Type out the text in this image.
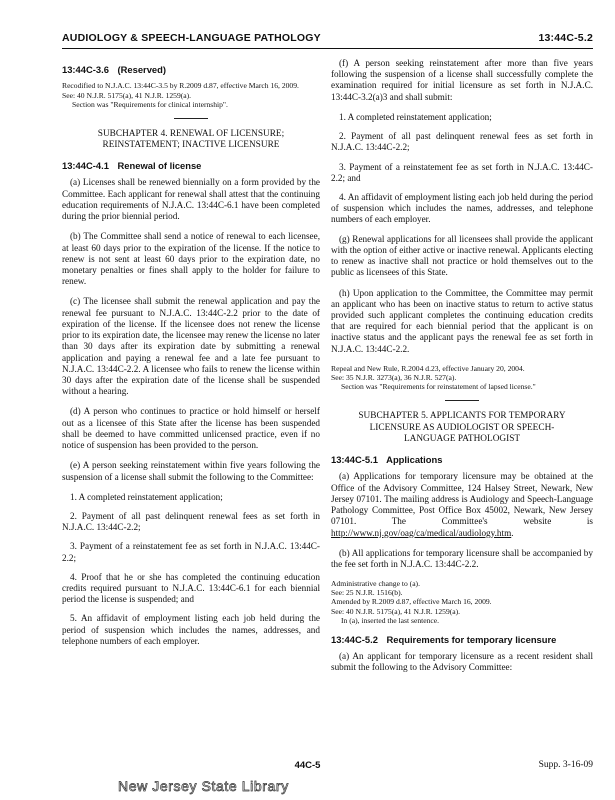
AUDIOLOGY & SPEECH-LANGUAGE PATHOLOGY	13:44C-5.2
13:44C-3.6 (Reserved)

Recodified to N.J.A.C. 13:44C-3.5 by R.2009 d.87, effective March 16, 2009.

See: 40 N.J.R. 5175(a), 41 N.J.R. 1259(a).

Section was "Requirements for clinical internship".

SUBCHAPTER 4. RENEWAL OF LICENSURE;
REINSTATEMENT; INACTIVE LICENSURE
13:44C-4.1 Renewal of license

(a) Licenses shall be renewed biennially on a form provided by the Committee. Each applicant for renewal shall attest that the continuing education requirements of N.J.A.C. 13:44C-6.1 have been completed during the prior biennial period.

(b) The Committee shall send a notice of renewal to each licensee, at least 60 days prior to the expiration of the license. If the notice to renew is not sent at least 60 days prior to the expiration date, no monetary penalties or fines shall apply to the holder for failure to renew.

(c) The licensee shall submit the renewal application and pay the renewal fee pursuant to N.J.A.C. 13:44C-2.2 prior to the date of expiration of the license. If the licensee does not renew the license prior to its expiration date, the licensee may renew the license no later than 30 days after its expiration date by submitting a renewal application and paying a renewal fee and a late fee pursuant to N.J.A.C. 13:44C-2.2. A licensee who fails to renew the license within 30 days after the expiration date of the license shall be suspended without a hearing.

(d) A person who continues to practice or hold himself or herself out as a licensee of this State after the license has been suspended shall be deemed to have committed unlicensed practice, even if no notice of suspension has been provided to the person.

(e) A person seeking reinstatement within five years following the suspension of a license shall submit the following to the Committee:

1. A completed reinstatement application;

2. Payment of all past delinquent renewal fees as set forth in N.J.A.C. 13:44C-2.2;

3. Payment of a reinstatement fee as set forth in N.J.A.C. 13:44C-2.2;

4. Proof that he or she has completed the continuing education credits required pursuant to N.J.A.C. 13:44C-6.1 for each biennial period the license is suspended; and

5. An affidavit of employment listing each job held during the period of suspension which includes the names, addresses, and telephone numbers of each employer.

(f) A person seeking reinstatement after more than five years following the suspension of a license shall successfully complete the examination required for initial licensure as set forth in N.J.A.C. 13:44C-3.2(a)3 and shall submit:

1. A completed reinstatement application;

2. Payment of all past delinquent renewal fees as set forth in N.J.A.C. 13:44C-2.2;

3. Payment of a reinstatement fee as set forth in N.J.A.C. 13:44C-2.2; and

4. An affidavit of employment listing each job held during the period of suspension which includes the names, addresses, and telephone numbers of each employer.

(g) Renewal applications for all licensees shall provide the applicant with the option of either active or inactive renewal. Applicants electing to renew as inactive shall not practice or hold themselves out to the public as licensees of this State.

(h) Upon application to the Committee, the Committee may permit an applicant who has been on inactive status to return to active status provided such applicant completes the continuing education credits that are required for each biennial period that the applicant is on inactive status and the applicant pays the renewal fee as set forth in N.J.A.C. 13:44C-2.2.

Repeal and New Rule, R.2004 d.23, effective January 20, 2004.

See: 35 N.J.R. 3273(a), 36 N.J.R. 527(a).

Section was "Requirements for reinstatement of lapsed license."

SUBCHAPTER 5. APPLICANTS FOR TEMPORARY
LICENSURE AS AUDIOLOGIST OR SPEECH-
LANGUAGE PATHOLOGIST
13:44C-5.1 Applications

(a) Applications for temporary licensure may be obtained at the Office of the Advisory Committee, 124 Halsey Street, Newark, New Jersey 07101. The mailing address is Audiology and Speech-Language Pathology Committee, Post Office Box 45002, Newark, New Jersey 07101. The Committee's website is http://www.nj.gov/oag/ca/medical/audiology.htm.

(b) All applications for temporary licensure shall be accompanied by the fee set forth in N.J.A.C. 13:44C-2.2.

Administrative change to (a).

See: 25 N.J.R. 1516(b).

Amended by R.2009 d.87, effective March 16, 2009.

See: 40 N.J.R. 5175(a), 41 N.J.R. 1259(a).

In (a), inserted the last sentence.

13:44C-5.2 Requirements for temporary licensure

(a) An applicant for temporary licensure as a recent resident shall submit the following to the Advisory Committee:

44C-5	Supp. 3-16-09
New Jersey State Library
